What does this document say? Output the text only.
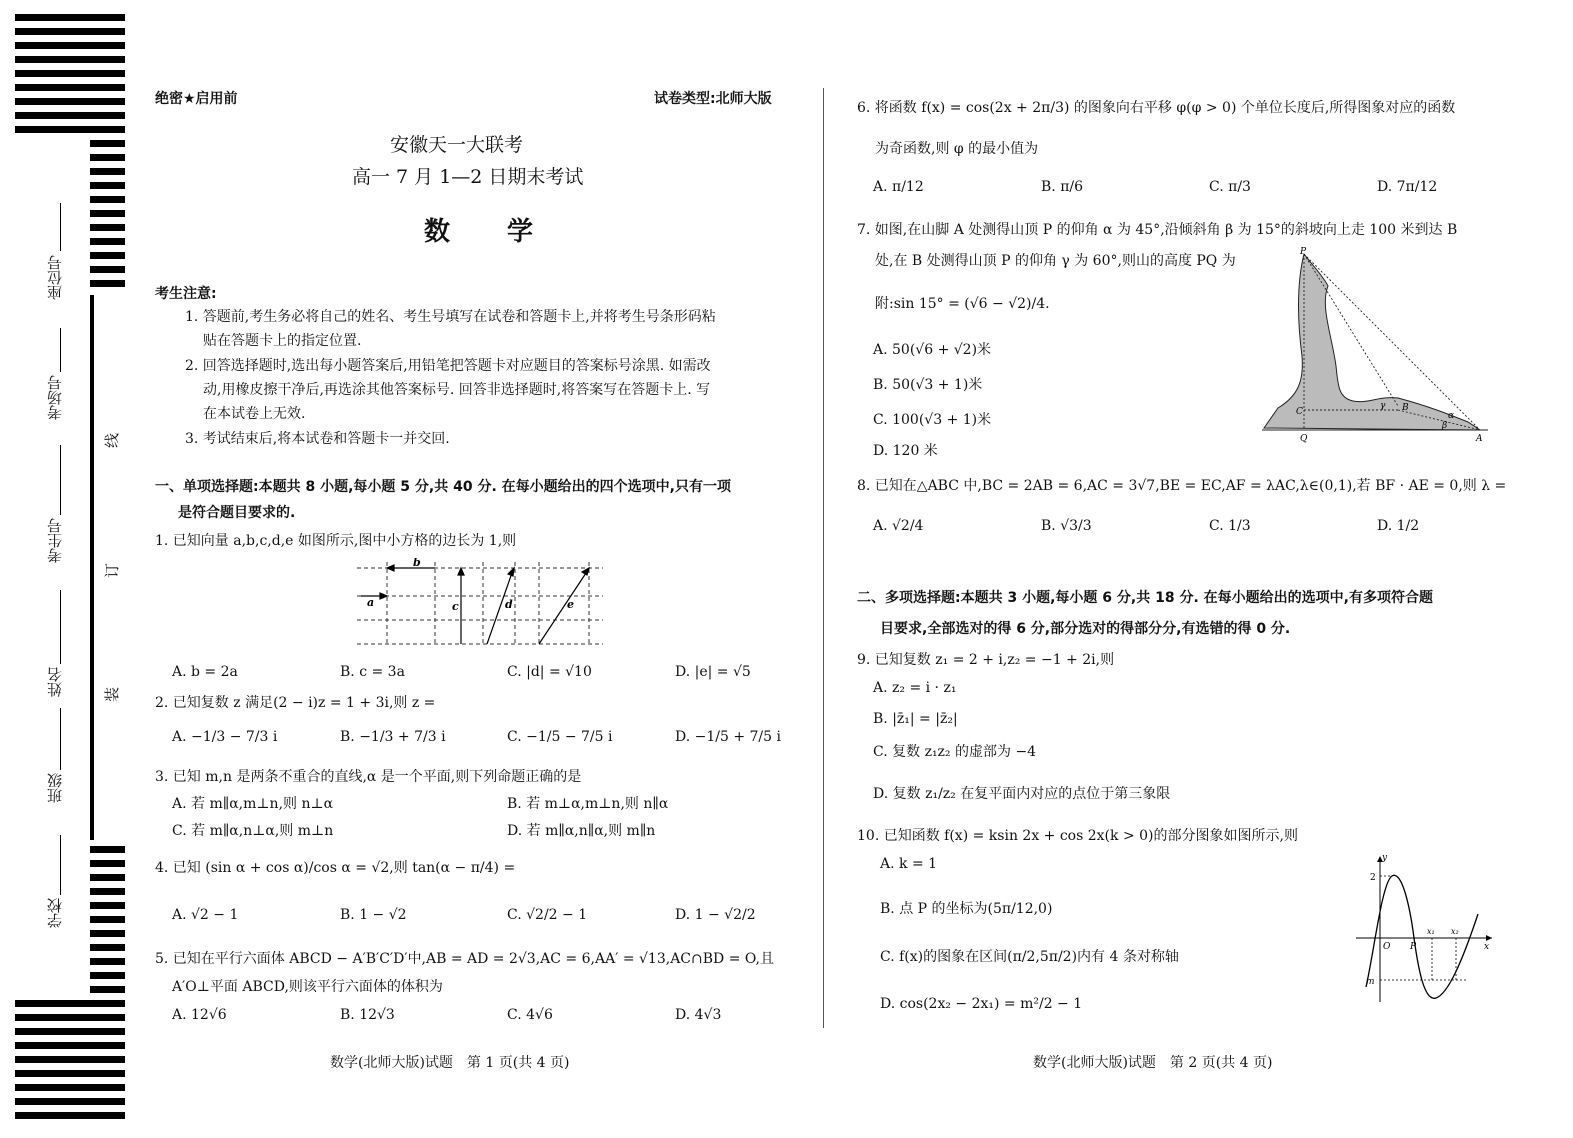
座位号
考场号
考生号
姓名
班级
学校
线
订
装
绝密★启用前	试卷类型:北师大版
安徽天一大联考
高一 7 月 1—2 日期末考试
数 学
考生注意:
1. 答题前,考生务必将自己的姓名、考生号填写在试卷和答题卡上,并将考生号条形码粘
贴在答题卡上的指定位置.
2. 回答选择题时,选出每小题答案后,用铅笔把答题卡对应题目的答案标号涂黑. 如需改
动,用橡皮擦干净后,再选涂其他答案标号. 回答非选择题时,将答案写在答题卡上. 写
在本试卷上无效.
3. 考试结束后,将本试卷和答题卡一并交回.
一、单项选择题:本题共 8 小题,每小题 5 分,共 40 分. 在每小题给出的四个选项中,只有一项
是符合题目要求的.
1. 已知向量 a,b,c,d,e 如图所示,图中小方格的边长为 1,则
a
b
c	d	e
A. b = 2a	B. c = 3a	C. |d| = √10	D. |e| = √5
2. 已知复数 z 满足(2 − i)z = 1 + 3i,则 z =
A. −1/3 − 7/3 i	B. −1/3 + 7/3 i	C. −1/5 − 7/5 i	D. −1/5 + 7/5 i
3. 已知 m,n 是两条不重合的直线,α 是一个平面,则下列命题正确的是
A. 若 m∥α,m⊥n,则 n⊥α	B. 若 m⊥α,m⊥n,则 n∥α
C. 若 m∥α,n⊥α,则 m⊥n	D. 若 m∥α,n∥α,则 m∥n
4. 已知 (sin α + cos α)/cos α = √2,则 tan(α − π/4) =
A. √2 − 1	B. 1 − √2	C. √2/2 − 1	D. 1 − √2/2
5. 已知在平行六面体 ABCD − A′B′C′D′中,AB = AD = 2√3,AC = 6,AA′ = √13,AC∩BD = O,且
A′O⊥平面 ABCD,则该平行六面体的体积为
A. 12√6	B. 12√3	C. 4√6	D. 4√3
数学(北师大版)试题　第 1 页(共 4 页)
6. 将函数 f(x) = cos(2x + 2π/3) 的图象向右平移 φ(φ > 0) 个单位长度后,所得图象对应的函数
为奇函数,则 φ 的最小值为
A. π/12	B. π/6	C. π/3	D. 7π/12
7. 如图,在山脚 A 处测得山顶 P 的仰角 α 为 45°,沿倾斜角 β 为 15°的斜坡向上走 100 米到达 B
处,在 B 处测得山顶 P 的仰角 γ 为 60°,则山的高度 PQ 为
附:sin 15° = (√6 − √2)/4.
A. 50(√6 + √2)米
B. 50(√3 + 1)米
C. 100(√3 + 1)米
D. 120 米
P
C
Q
B
A
γ
α
β
8. 已知在△ABC 中,BC = 2AB = 6,AC = 3√7,BE = EC,AF = λAC,λ∈(0,1),若 BF · AE = 0,则 λ =
A. √2/4	B. √3/3	C. 1/3	D. 1/2
二、多项选择题:本题共 3 小题,每小题 6 分,共 18 分. 在每小题给出的选项中,有多项符合题
目要求,全部选对的得 6 分,部分选对的得部分分,有选错的得 0 分.
9. 已知复数 z₁ = 2 + i,z₂ = −1 + 2i,则
A. z₂ = i · z₁
B. |z̄₁| = |z̄₂|
C. 复数 z₁z₂ 的虚部为 −4
D. 复数 z₁/z₂ 在复平面内对应的点位于第三象限
10. 已知函数 f(x) = ksin 2x + cos 2x(k > 0)的部分图象如图所示,则
A. k = 1
B. 点 P 的坐标为(5π/12,0)
C. f(x)的图象在区间(π/2,5π/2)内有 4 条对称轴
D. cos(2x₂ − 2x₁) = m²/2 − 1
y
2
O P
x₁ x₂
x
m
数学(北师大版)试题　第 2 页(共 4 页)
